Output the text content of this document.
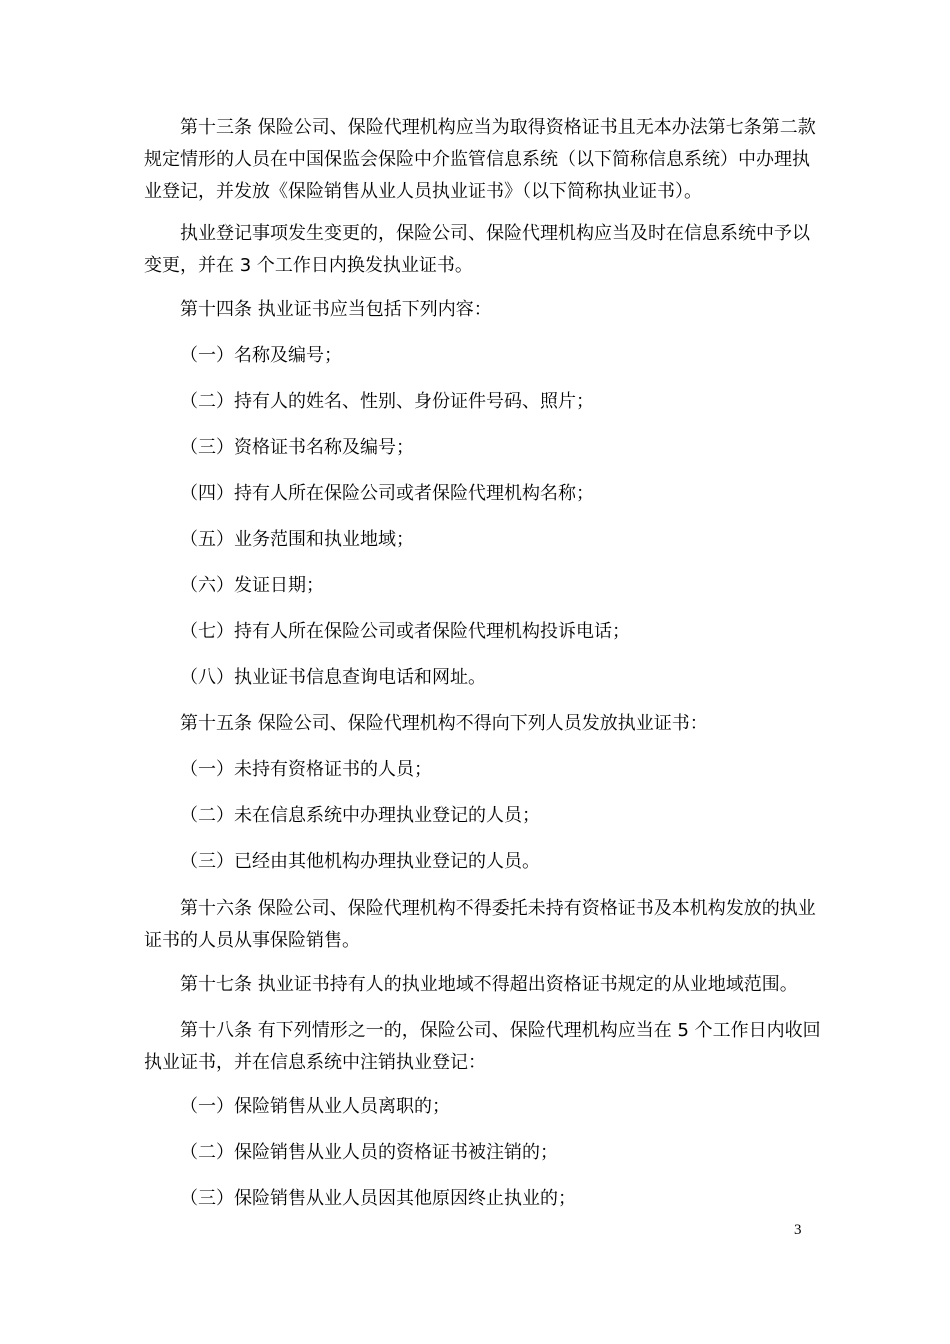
第十三条 保险公司、保险代理机构应当为取得资格证书且无本办法第七条第二款
规定情形的人员在中国保监会保险中介监管信息系统（以下简称信息系统）中办理执
业登记，并发放《保险销售从业人员执业证书》（以下简称执业证书）。
执业登记事项发生变更的，保险公司、保险代理机构应当及时在信息系统中予以
变更，并在 3 个工作日内换发执业证书。
第十四条 执业证书应当包括下列内容：
（一）名称及编号；
（二）持有人的姓名、性别、身份证件号码、照片；
（三）资格证书名称及编号；
（四）持有人所在保险公司或者保险代理机构名称；
（五）业务范围和执业地域；
（六）发证日期；
（七）持有人所在保险公司或者保险代理机构投诉电话；
（八）执业证书信息查询电话和网址。
第十五条 保险公司、保险代理机构不得向下列人员发放执业证书：
（一）未持有资格证书的人员；
（二）未在信息系统中办理执业登记的人员；
（三）已经由其他机构办理执业登记的人员。
第十六条 保险公司、保险代理机构不得委托未持有资格证书及本机构发放的执业
证书的人员从事保险销售。
第十七条 执业证书持有人的执业地域不得超出资格证书规定的从业地域范围。
第十八条 有下列情形之一的，保险公司、保险代理机构应当在 5 个工作日内收回
执业证书，并在信息系统中注销执业登记：
（一）保险销售从业人员离职的；
（二）保险销售从业人员的资格证书被注销的；
（三）保险销售从业人员因其他原因终止执业的；
3
